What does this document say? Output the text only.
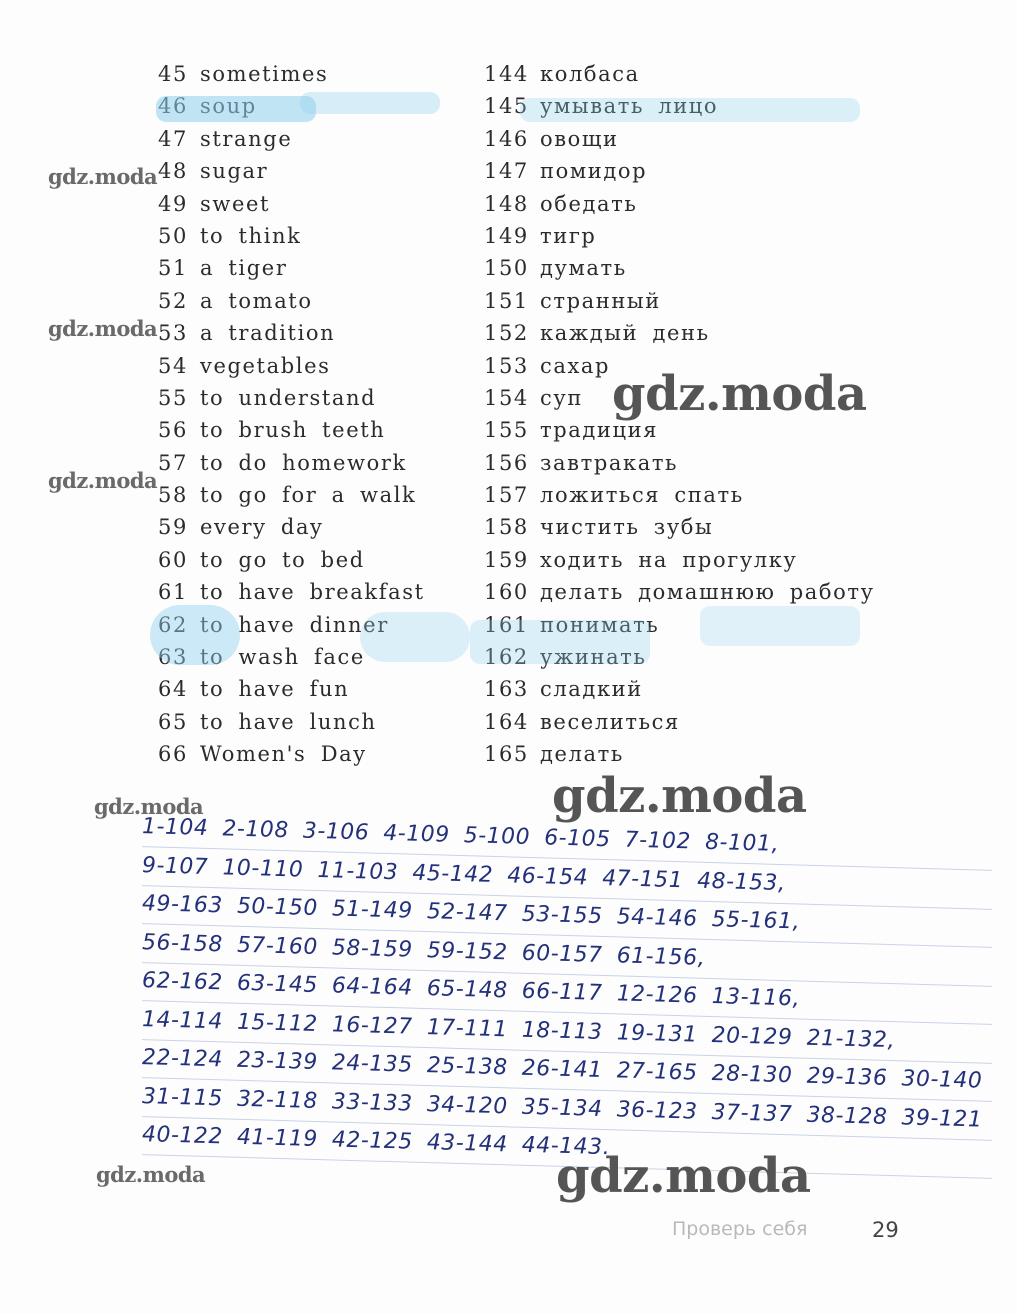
45 sometimes
47 strange
48 sugar
49 sweet
50 to think
51 a tiger
52 a tomato
53 a tradition
54 vegetables
55 to understand
56 to brush teeth
57 to do homework
58 to go for a walk
59 every day
60 to go to bed
61 to have breakfast
62 to have dinner
63 to wash face
64 to have fun
65 to have lunch
66 Women's Day
144 колбаса
145 умывать лицо
146 овощи
147 помидор
148 обедать
149 тигр
150 думать
151 странный
152 каждый день
153 сахар
154 суп
155 традиция
156 завтракать
157 ложиться спать
158 чистить зубы
159 ходить на прогулку
160 делать домашнюю работу
161 понимать
162 ужинать
163 сладкий
164 веселиться
165 делать
1-104 2-108 3-106 4-109 5-100 6-105 7-102 8-101,
9-107 10-110 11-103 45-142 46-154 47-151 48-153,
49-163 50-150 51-149 52-147 53-155 54-146 55-161,
56-158 57-160 58-159 59-152 60-157 61-156,
62-162 63-145 64-164 65-148 66-117 12-126 13-116,
14-114 15-112 16-127 17-111 18-113 19-131 20-129 21-132,
22-124 23-139 24-135 25-138 26-141 27-165 28-130 29-136 30-140
31-115 32-118 33-133 34-120 35-134 36-123 37-137 38-128 39-121
40-122 41-119 42-125 43-144 44-143.
gdz.moda
gdz.moda
gdz.moda
gdz.moda
gdz.moda
gdz.moda
gdz.moda
gdz.moda
Проверь себя	29
